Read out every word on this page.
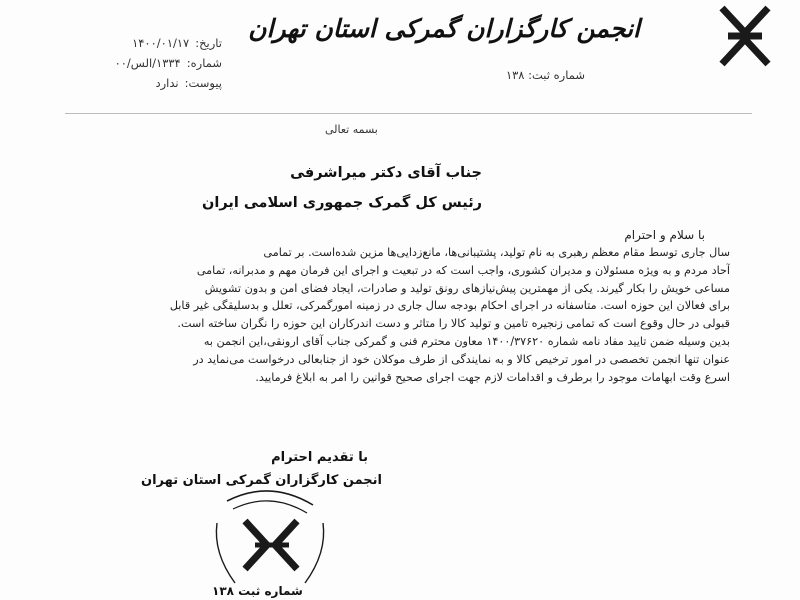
انجمن کارگزاران گمرکی استان تهران
شماره ثبت: ۱۳۸
تاریخ:۱۴۰۰/۰۱/۱۷
شماره:۱۳۳۴/الس/۰۰
پیوست:ندارد
بسمه تعالی
جناب آقای دکتر میراشرفی
رئیس کل گمرک جمهوری اسلامی ایران
با سلام و احترام
سال جاری توسط مقام معظم رهبری به نام تولید، پشتیبانی‌ها، مانع‌زدایی‌ها مزین شده‌است. بر تمامی
آحاد مردم و به ویژه مسئولان و مدیران کشوری، واجب است که در تبعیت و اجرای این فرمان مهم و مدبرانه، تمامی
مساعی خویش را بکار گیرند. یکی از مهمترین پیش‌نیازهای رونق تولید و صادرات، ایجاد فضای امن و بدون تشویش
برای فعالان این حوزه است. متاسفانه در اجرای احکام بودجه سال جاری در زمینه امورگمرکی، تعلل و بدسلیقگی غیر قابل
قبولی در حال وقوع است که تمامی زنجیره تامین و تولید کالا را متاثر و دست اندرکاران این حوزه را نگران ساخته است.
بدین وسیله ضمن تایید مفاد نامه شماره ۱۴۰۰/۳۷۶۲۰ معاون محترم فنی و گمرکی جناب آقای ارونقی،این انجمن به
عنوان تنها انجمن تخصصی در امور ترخیص کالا و به نمایندگی از طرف موکلان خود از جنابعالی درخواست می‌نماید در
اسرع وقت ابهامات موجود را برطرف و اقدامات لازم جهت اجرای صحیح قوانین را امر به ابلاغ فرمایید.
با تقدیم احترام
انجمن کارگزاران گمرکی استان تهران
شماره ثبت ۱۳۸
